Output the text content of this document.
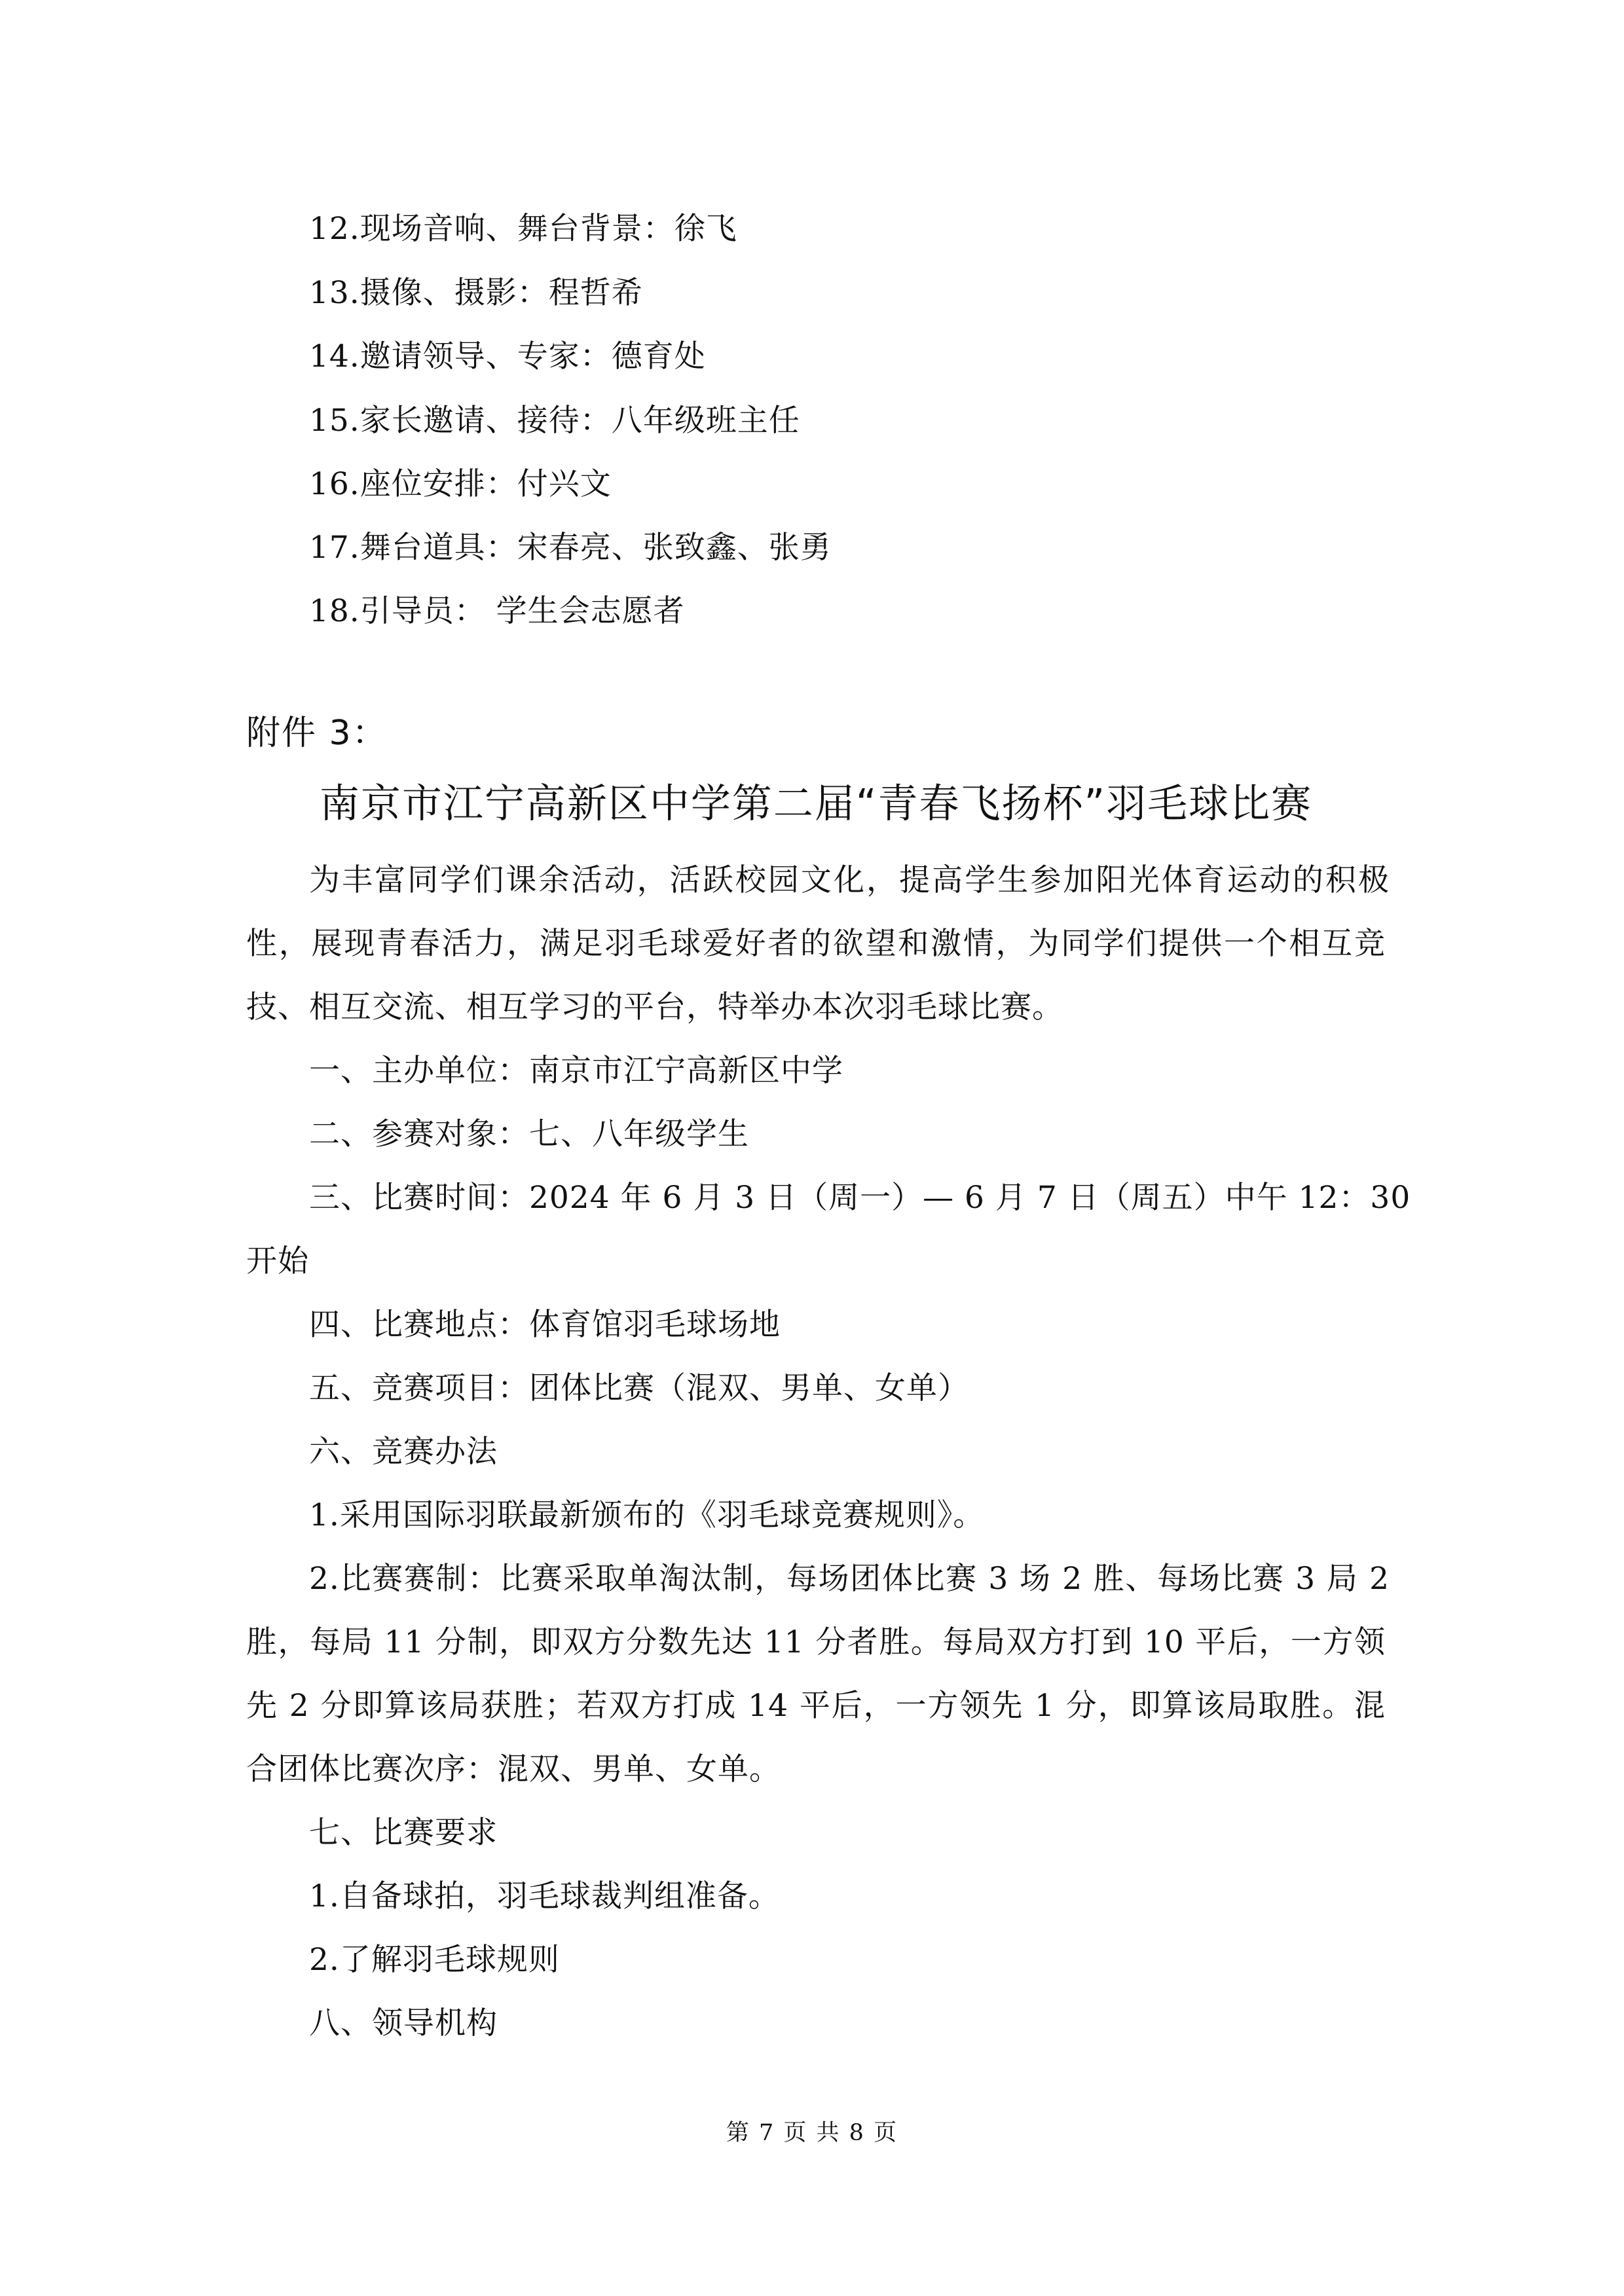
12.现场音响、舞台背景：徐飞
13.摄像、摄影：程哲希
14.邀请领导、专家：德育处
15.家长邀请、接待：八年级班主任
16.座位安排：付兴文
17.舞台道具：宋春亮、张致鑫、张勇
18.引导员： 学生会志愿者
附件 3：
南京市江宁高新区中学第二届“青春飞扬杯”羽毛球比赛
为丰富同学们课余活动，活跃校园文化，提高学生参加阳光体育运动的积极
性，展现青春活力，满足羽毛球爱好者的欲望和激情，为同学们提供一个相互竞
技、相互交流、相互学习的平台，特举办本次羽毛球比赛。
一、主办单位：南京市江宁高新区中学
二、参赛对象：七、八年级学生
三、比赛时间：2024 年 6 月 3 日（周一）— 6 月 7 日（周五）中午 12：30
开始
四、比赛地点：体育馆羽毛球场地
五、竞赛项目：团体比赛（混双、男单、女单）
六、竞赛办法
1.采用国际羽联最新颁布的《羽毛球竞赛规则》。
2.比赛赛制：比赛采取单淘汰制，每场团体比赛 3 场 2 胜、每场比赛 3 局 2
胜，每局 11 分制，即双方分数先达 11 分者胜。每局双方打到 10 平后，一方领
先 2 分即算该局获胜；若双方打成 14 平后，一方领先 1 分，即算该局取胜。混
合团体比赛次序：混双、男单、女单。
七、比赛要求
1.自备球拍，羽毛球裁判组准备。
2.了解羽毛球规则
八、领导机构
第 7 页 共 8 页
